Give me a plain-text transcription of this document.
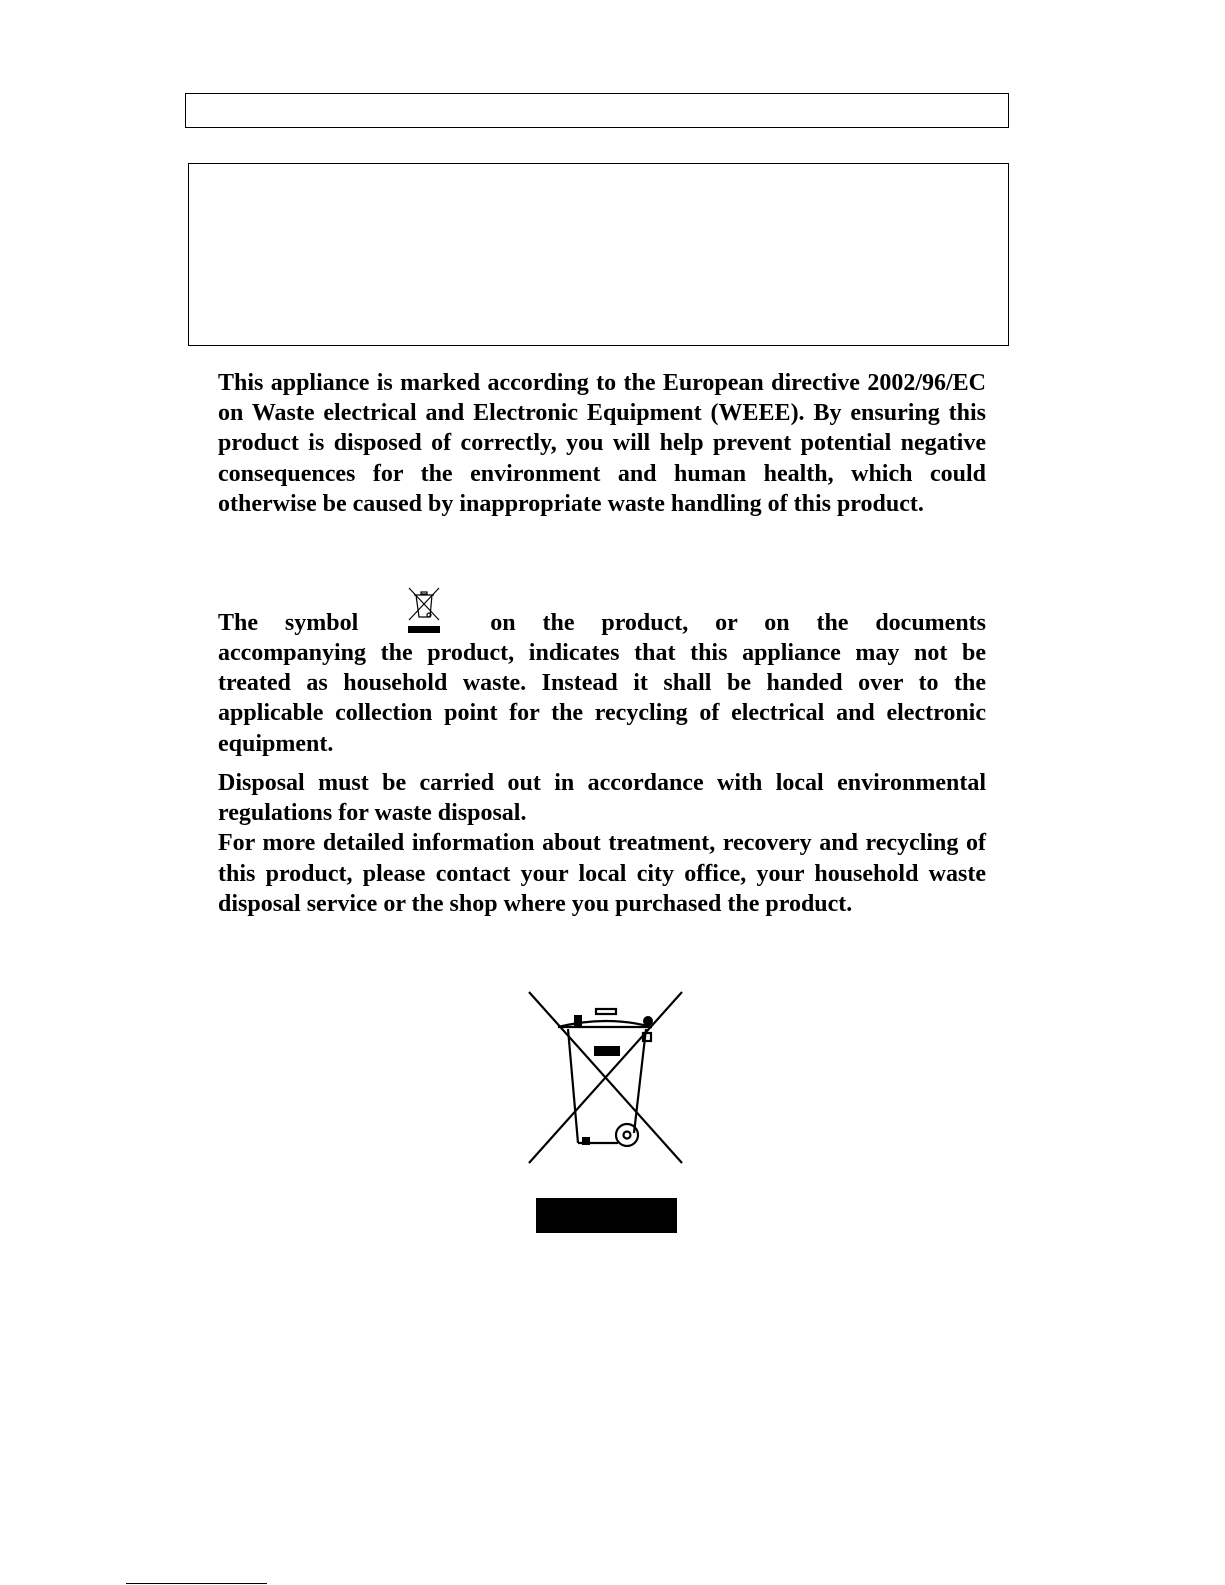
This appliance is marked according to the European directive 2002/96/EC on Waste electrical and Electronic Equipment (WEEE). By ensuring this product is disposed of correctly, you will help prevent potential negative consequences for the environment and human health, which could otherwise be caused by inappropriate waste handling of this product.

The symbol	on the product, or on the documents accompanying the product, indicates that this appliance may not be treated as household waste. Instead it shall be handed over to the applicable collection point for the recycling of electrical and electronic equipment.

Disposal must be carried out in accordance with local environmental regulations for waste disposal.

For more detailed information about treatment, recovery and recycling of this product, please contact your local city office, your household waste disposal service or the shop where you purchased the product.
